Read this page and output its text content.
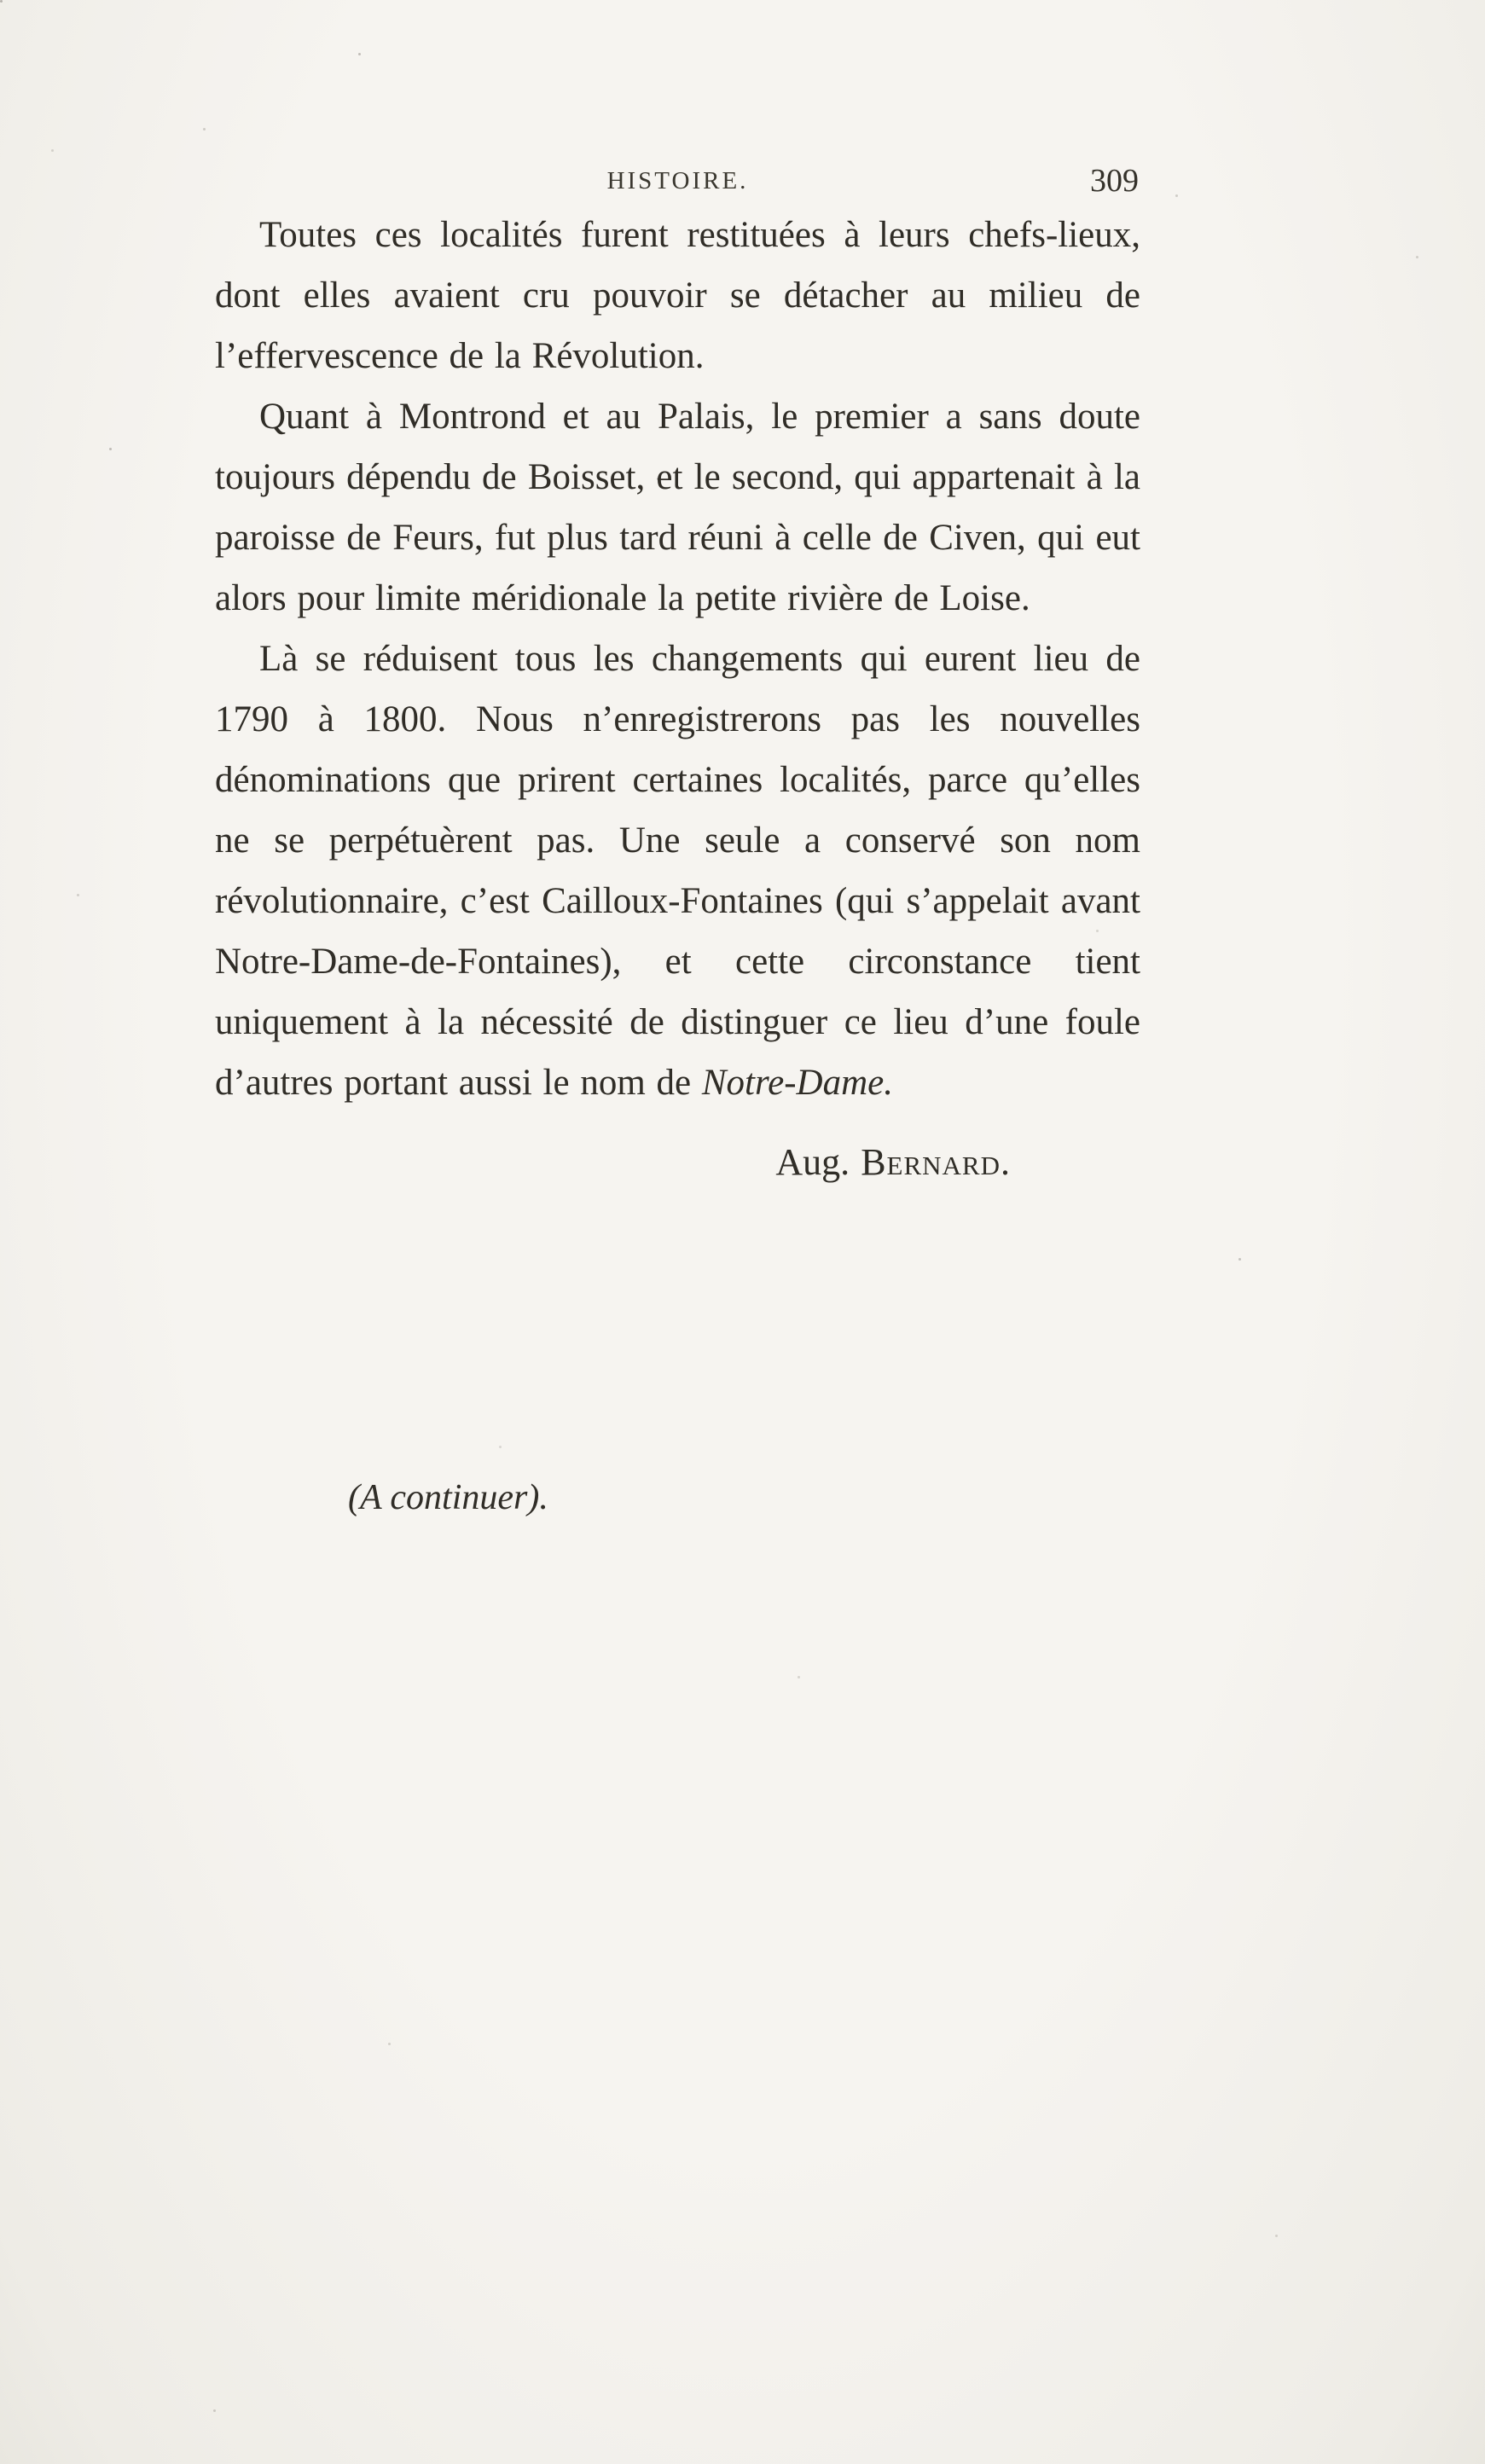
HISTOIRE.	309

Toutes ces localités furent restituées à leurs chefs-lieux, dont elles avaient cru pouvoir se détacher au milieu de l’effervescence de la Révolution.

Quant à Montrond et au Palais, le premier a sans doute toujours dépendu de Boisset, et le second, qui appartenait à la paroisse de Feurs, fut plus tard réuni à celle de Civen, qui eut alors pour limite méridionale la petite rivière de Loise.

Là se réduisent tous les changements qui eurent lieu de 1790 à 1800. Nous n’enregistrerons pas les nouvelles dénominations que prirent certaines localités, parce qu’elles ne se perpétuèrent pas. Une seule a conservé son nom révolutionnaire, c’est Cailloux-Fontaines (qui s’appelait avant Notre-Dame-de-Fontaines), et cette circonstance tient uniquement à la nécessité de distinguer ce lieu d’une foule d’autres portant aussi le nom de Notre-Dame.

Aug. Bernard.

(A continuer).
